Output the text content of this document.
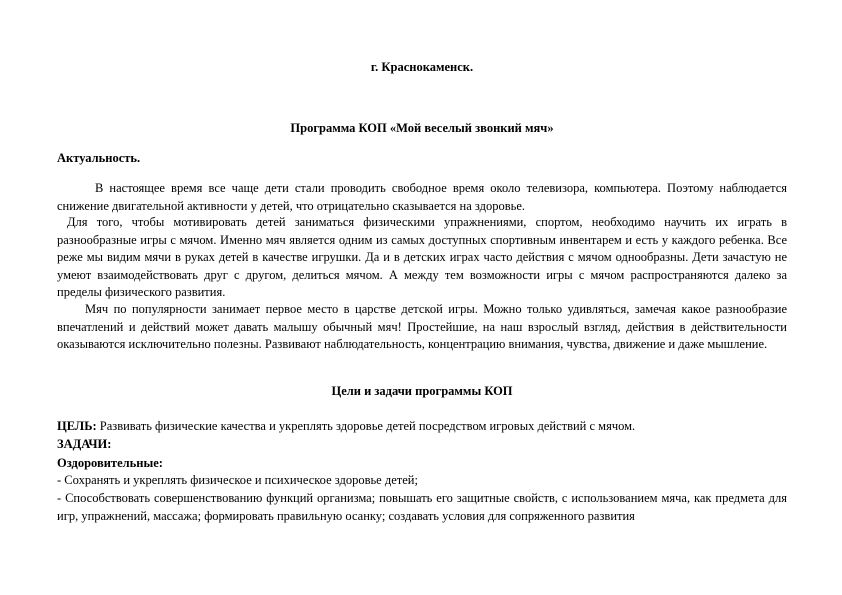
г. Краснокаменск.
Программа КОП «Мой веселый звонкий мяч»
Актуальность.

В настоящее время все чаще дети стали проводить свободное время около телевизора, компьютера. Поэтому наблюдается снижение двигательной активности у детей, что отрицательно сказывается на здоровье.

Для того, чтобы мотивировать детей заниматься физическими упражнениями, спортом, необходимо научить их играть в разнообразные игры с мячом. Именно мяч является одним из самых доступных спортивным инвентарем и есть у каждого ребенка. Все реже мы видим мячи в руках детей в качестве игрушки. Да и в детских играх часто действия с мячом однообразны. Дети зачастую не умеют взаимодействовать друг с другом, делиться мячом. А между тем возможности игры с мячом распространяются далеко за пределы физического развития.

Мяч по популярности занимает первое место в царстве детской игры. Можно только удивляться, замечая какое разнообразие впечатлений и действий может давать малышу обычный мяч! Простейшие, на наш взрослый взгляд, действия в действительности оказываются исключительно полезны. Развивают наблюдательность, концентрацию внимания, чувства, движение и даже мышление.

Цели и задачи программы КОП
ЦЕЛЬ: Развивать физические качества и укреплять здоровье детей посредством игровых действий с мячом.
ЗАДАЧИ:
Оздоровительные:
- Сохранять и укреплять физическое и психическое здоровье детей;

- Способствовать совершенствованию функций организма; повышать его защитные свойств, с использованием мяча, как предмета для игр, упражнений, массажа; формировать правильную осанку; создавать условия для сопряженного развития
